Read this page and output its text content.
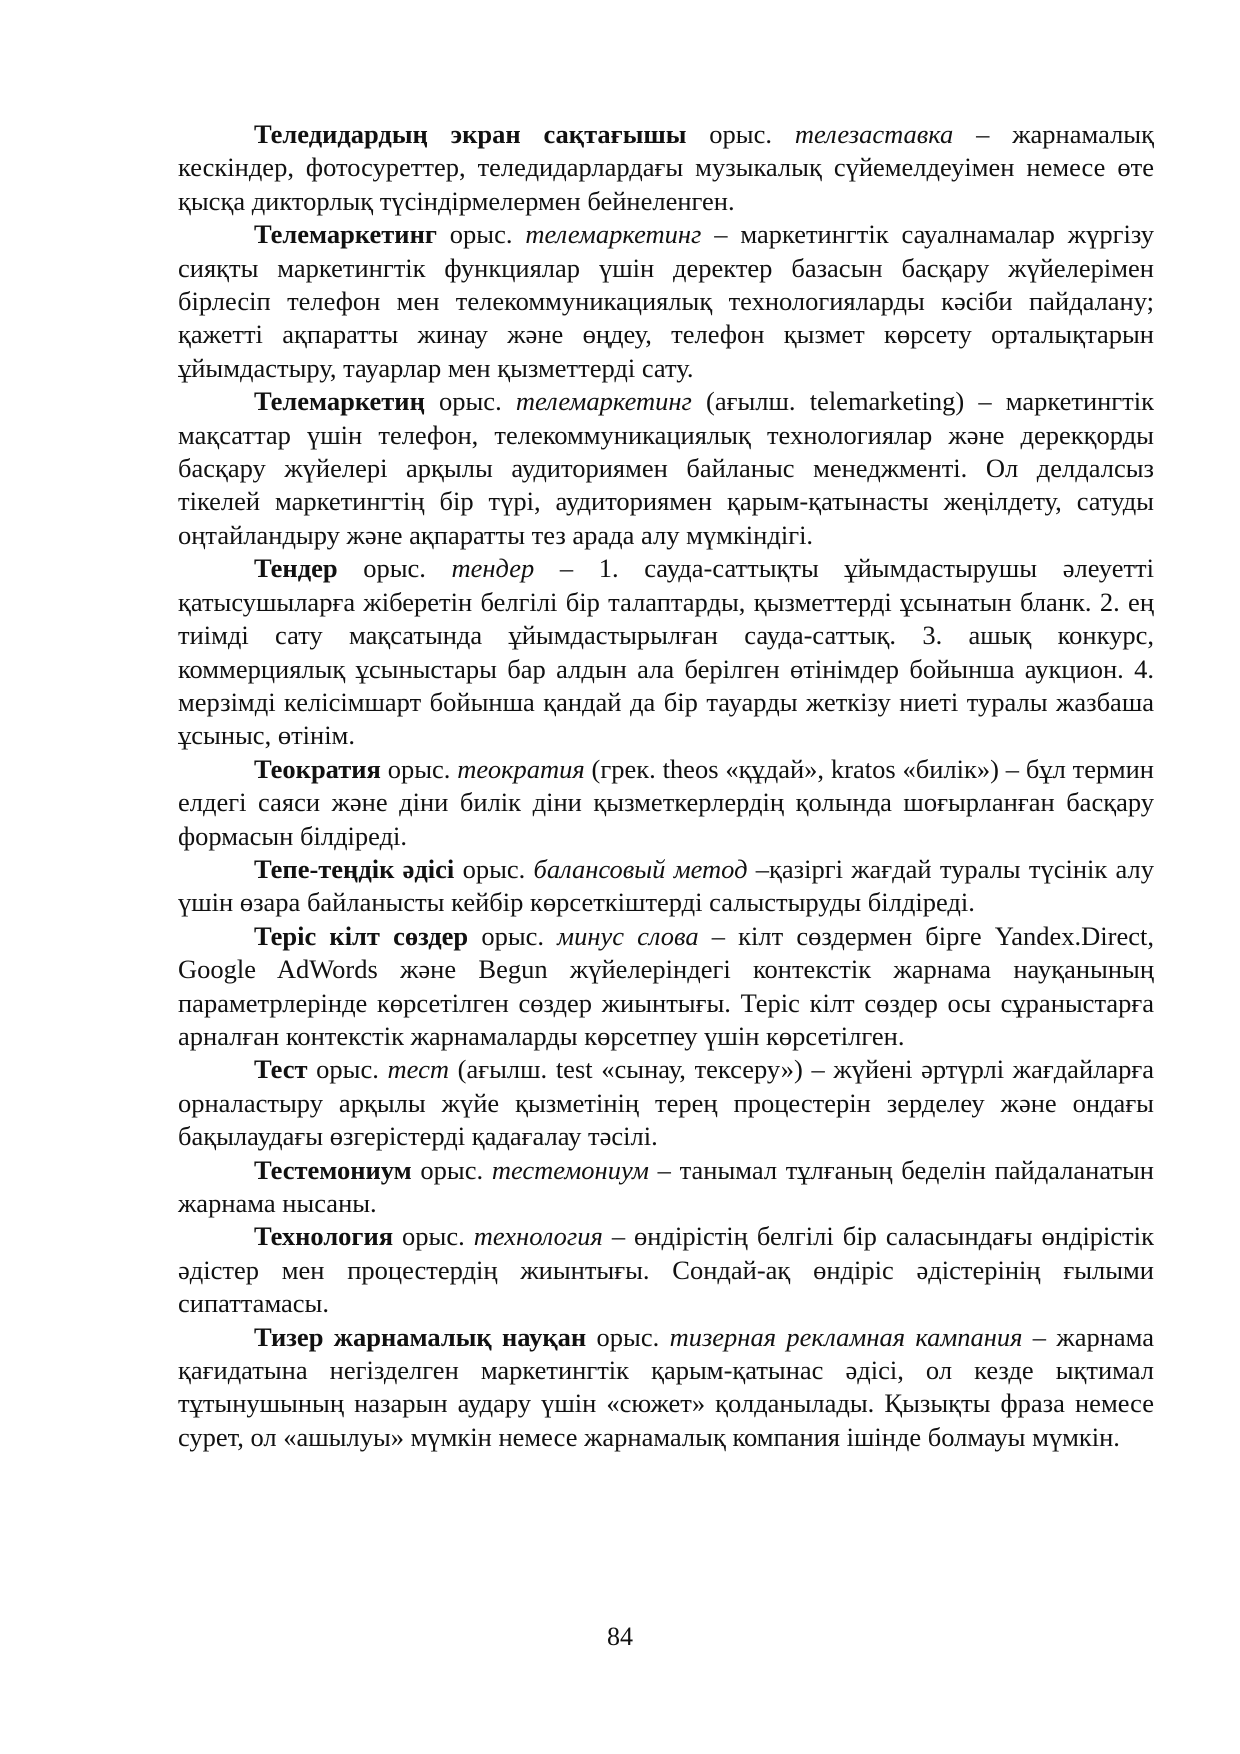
Теледидардың экран сақтағышы орыс. телезаставка – жарнамалық кескіндер, фотосуреттер, теледидарлардағы музыкалық сүйемелдеуімен немесе өте қысқа дикторлық түсіндірмелермен бейнеленген.

Телемаркетинг орыс. телемаркетинг – маркетингтік сауалнамалар жүргізу сияқты маркетингтік функциялар үшін деректер базасын басқару жүйелерімен бірлесіп телефон мен телекоммуникациялық технологияларды кәсіби пайдалану; қажетті ақпаратты жинау және өңдеу, телефон қызмет көрсету орталықтарын ұйымдастыру, тауарлар мен қызметтерді сату.

Телемаркетиң орыс. телемаркетинг (ағылш. telemarketing) – маркетингтік мақсаттар үшін телефон, телекоммуникациялық технологиялар және дерекқорды басқару жүйелері арқылы аудиториямен байланыс менеджменті. Ол делдалсыз тікелей маркетингтің бір түрі, аудиториямен қарым-қатынасты жеңілдету, сатуды оңтайландыру және ақпаратты тез арада алу мүмкіндігі.

Тендер орыс. тендер – 1. сауда-саттықты ұйымдастырушы әлеуетті қатысушыларға жіберетін белгілі бір талаптарды, қызметтерді ұсынатын бланк. 2. ең тиімді сату мақсатында ұйымдастырылған сауда-саттық. 3. ашық конкурс, коммерциялық ұсыныстары бар алдын ала берілген өтінімдер бойынша аукцион. 4. мерзімді келісімшарт бойынша қандай да бір тауарды жеткізу ниеті туралы жазбаша ұсыныс, өтінім.

Теократия орыс. теократия (грек. theos «құдай», kratos «билік») – бұл термин елдегі саяси және діни билік діни қызметкерлердің қолында шоғырланған басқару формасын білдіреді.

Тепе-теңдік әдісі орыс. балансовый метод –қазіргі жағдай туралы түсінік алу үшін өзара байланысты кейбір көрсеткіштерді салыстыруды білдіреді.

Теріс кілт сөздер орыс. минус слова – кілт сөздермен бірге Yandex.Direct, Google AdWords және Begun жүйелеріндегі контекстік жарнама науқанының параметрлерінде көрсетілген сөздер жиынтығы. Теріс кілт сөздер осы сұраныстарға арналған контекстік жарнамаларды көрсетпеу үшін көрсетілген.

Тест орыс. тест (ағылш. test «сынау, тексеру») – жүйені әртүрлі жағдайларға орналастыру арқылы жүйе қызметінің терең процестерін зерделеу және ондағы бақылаудағы өзгерістерді қадағалау тәсілі.

Тестемониум орыс. тестемониум – танымал тұлғаның беделін пайдаланатын жарнама нысаны.

Технология орыс. технология – өндірістің белгілі бір саласындағы өндірістік әдістер мен процестердің жиынтығы. Сондай-ақ өндіріс әдістерінің ғылыми сипаттамасы.

Тизер жарнамалық науқан орыс. тизерная рекламная кампания – жарнама қағидатына негізделген маркетингтік қарым-қатынас әдісі, ол кезде ықтимал тұтынушының назарын аудару үшін «сюжет» қолданылады. Қызықты фраза немесе сурет, ол «ашылуы» мүмкін немесе жарнамалық компания ішінде болмауы мүмкін.

84
